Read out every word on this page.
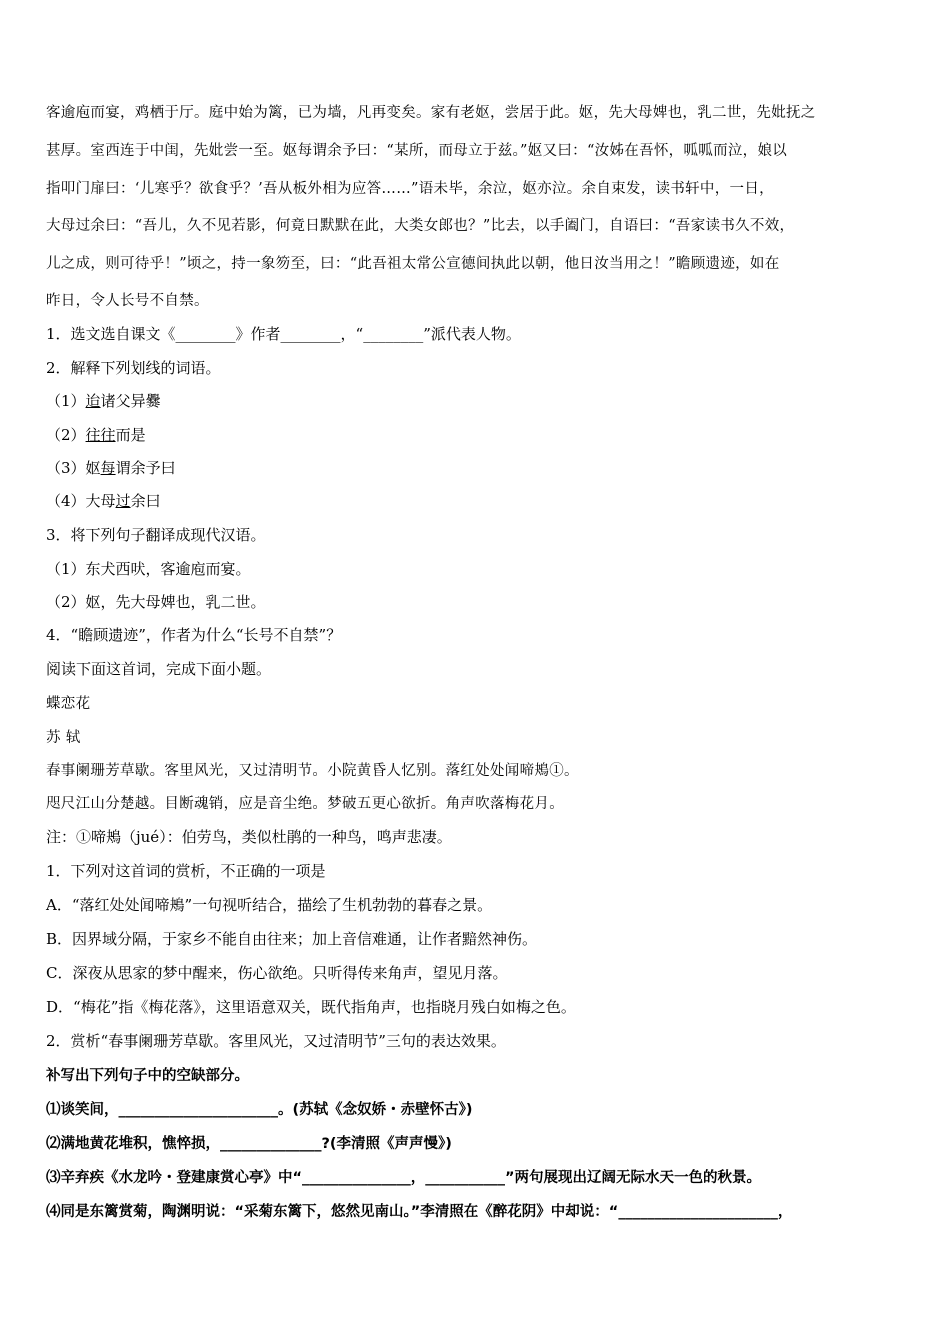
客逾庖而宴，鸡栖于厅。庭中始为篱，已为墙，凡再变矣。家有老妪，尝居于此。妪，先大母婢也，乳二世，先妣抚之
甚厚。室西连于中闺，先妣尝一至。妪每谓余予曰：“某所，而母立于兹。”妪又曰：“汝姊在吾怀，呱呱而泣，娘以
指叩门扉曰：‘儿寒乎？欲食乎？’吾从板外相为应答……”语未毕，余泣，妪亦泣。余自束发，读书轩中，一日，
大母过余曰：“吾儿，久不见若影，何竟日默默在此，大类女郎也？”比去，以手阖门，自语曰：“吾家读书久不效，
儿之成，则可待乎！”顷之，持一象笏至，曰：“此吾祖太常公宣德间执此以朝，他日汝当用之！”瞻顾遗迹，如在
昨日，令人长号不自禁。
1．选文选自课文《________》作者________，“________”派代表人物。
2．解释下列划线的词语。
（1）迨诸父异爨
（2）往往而是
（3）妪每谓余予曰
（4）大母过余曰
3．将下列句子翻译成现代汉语。
（1）东犬西吠，客逾庖而宴。
（2）妪，先大母婢也，乳二世。
4．“瞻顾遗迹”，作者为什么“长号不自禁”？
阅读下面这首词，完成下面小题。
蝶恋花
苏 轼
春事阑珊芳草歇。客里风光，又过清明节。小院黄昏人忆别。落红处处闻啼鴂①。
咫尺江山分楚越。目断魂销，应是音尘绝。梦破五更心欲折。角声吹落梅花月。
注：①啼鴂（jué）：伯劳鸟，类似杜鹃的一种鸟，鸣声悲凄。
1．下列对这首词的赏析，不正确的一项是
A．“落红处处闻啼鴂”一句视听结合，描绘了生机勃勃的暮春之景。
B．因界域分隔，于家乡不能自由往来；加上音信难通，让作者黯然神伤。
C．深夜从思家的梦中醒来，伤心欲绝。只听得传来角声，望见月落。
D．“梅花”指《梅花落》，这里语意双关，既代指角声，也指晓月残白如梅之色。
2．赏析“春事阑珊芳草歇。客里风光，又过清明节”三句的表达效果。
补写出下列句子中的空缺部分。
⑴谈笑间，______________________。(苏轼《念奴娇・赤壁怀古》)
⑵满地黄花堆积，憔悴损，______________?(李清照《声声慢》)
⑶辛弃疾《水龙吟・登建康赏心亭》中“_______________，___________”两句展现出辽阔无际水天一色的秋景。
⑷同是东篱赏菊，陶渊明说：“采菊东篱下，悠然见南山。”李清照在《醉花阴》中却说：“______________________，
